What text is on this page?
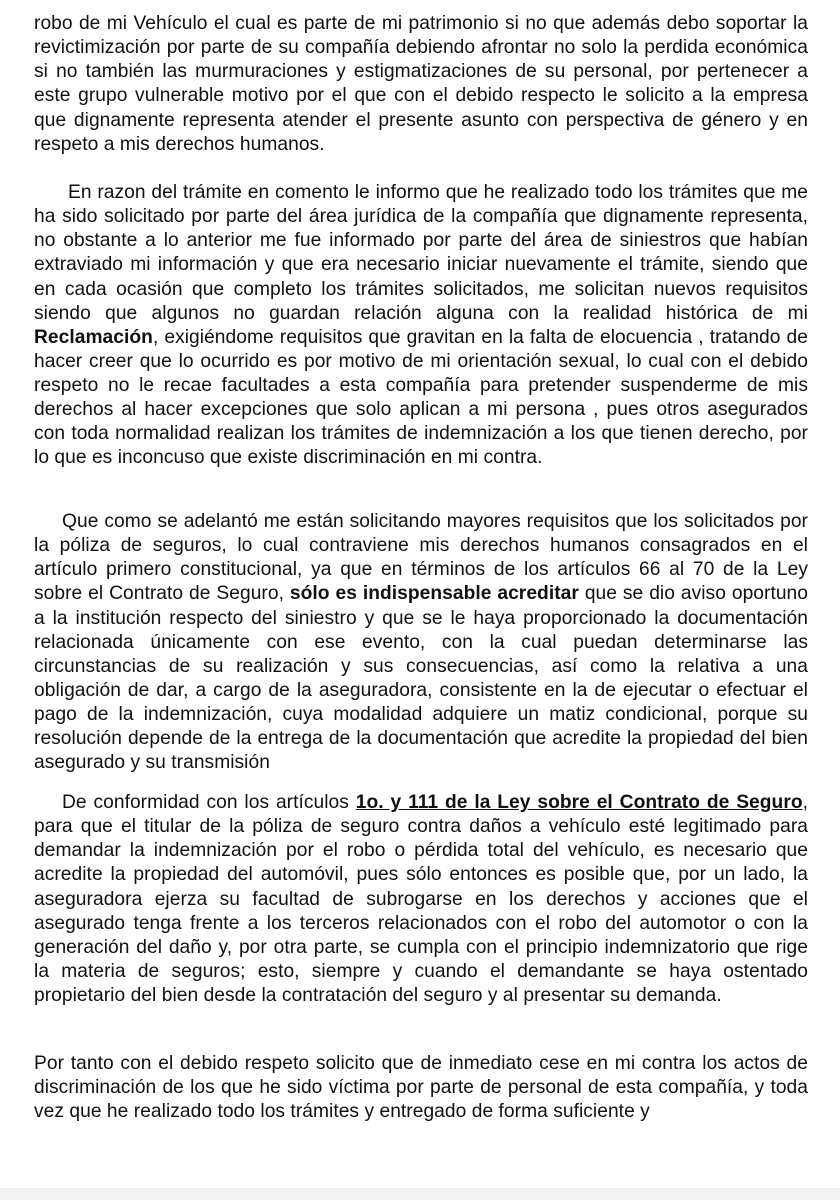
robo de mi Vehículo el cual es parte de mi patrimonio si no que además debo soportar la revictimización por parte de su compañía debiendo afrontar no solo la perdida económica si no también las murmuraciones y estigmatizaciones de su personal, por pertenecer a este grupo vulnerable motivo por el que con el debido respecto le solicito a la empresa que dignamente representa atender el presente asunto con perspectiva de género y en respeto a mis derechos humanos.

En razon del trámite en comento le informo que he realizado todo los trámites que me ha sido solicitado por parte del área jurídica de la compañía que dignamente representa, no obstante a lo anterior me fue informado por parte del área de siniestros que habían extraviado mi información y que era necesario iniciar nuevamente el trámite, siendo que en cada ocasión que completo los trámites solicitados, me solicitan nuevos requisitos siendo que algunos no guardan relación alguna con la realidad histórica de mi Reclamación, exigiéndome requisitos que gravitan en la falta de elocuencia , tratando de hacer creer que lo ocurrido es por motivo de mi orientación sexual, lo cual con el debido respeto no le recae facultades a esta compañía para pretender suspenderme de mis derechos al hacer excepciones que solo aplican a mi persona , pues otros asegurados con toda normalidad realizan los trámites de indemnización a los que tienen derecho, por lo que es inconcuso que existe discriminación en mi contra.

Que como se adelantó me están solicitando mayores requisitos que los solicitados por la póliza de seguros, lo cual contraviene mis derechos humanos consagrados en el artículo primero constitucional, ya que en términos de los artículos 66 al 70 de la Ley sobre el Contrato de Seguro, sólo es indispensable acreditar que se dio aviso oportuno a la institución respecto del siniestro y que se le haya proporcionado la documentación relacionada únicamente con ese evento, con la cual puedan determinarse las circunstancias de su realización y sus consecuencias, así como la relativa a una obligación de dar, a cargo de la aseguradora, consistente en la de ejecutar o efectuar el pago de la indemnización, cuya modalidad adquiere un matiz condicional, porque su resolución depende de la entrega de la documentación que acredite la propiedad del bien asegurado y su transmisión

De conformidad con los artículos 1o. y 111 de la Ley sobre el Contrato de Seguro, para que el titular de la póliza de seguro contra daños a vehículo esté legitimado para demandar la indemnización por el robo o pérdida total del vehículo, es necesario que acredite la propiedad del automóvil, pues sólo entonces es posible que, por un lado, la aseguradora ejerza su facultad de subrogarse en los derechos y acciones que el asegurado tenga frente a los terceros relacionados con el robo del automotor o con la generación del daño y, por otra parte, se cumpla con el principio indemnizatorio que rige la materia de seguros; esto, siempre y cuando el demandante se haya ostentado propietario del bien desde la contratación del seguro y al presentar su demanda.

Por tanto con el debido respeto solicito que de inmediato cese en mi contra los actos de discriminación de los que he sido víctima por parte de personal de esta compañía, y toda vez que he realizado todo los trámites y entregado de forma suficiente y
